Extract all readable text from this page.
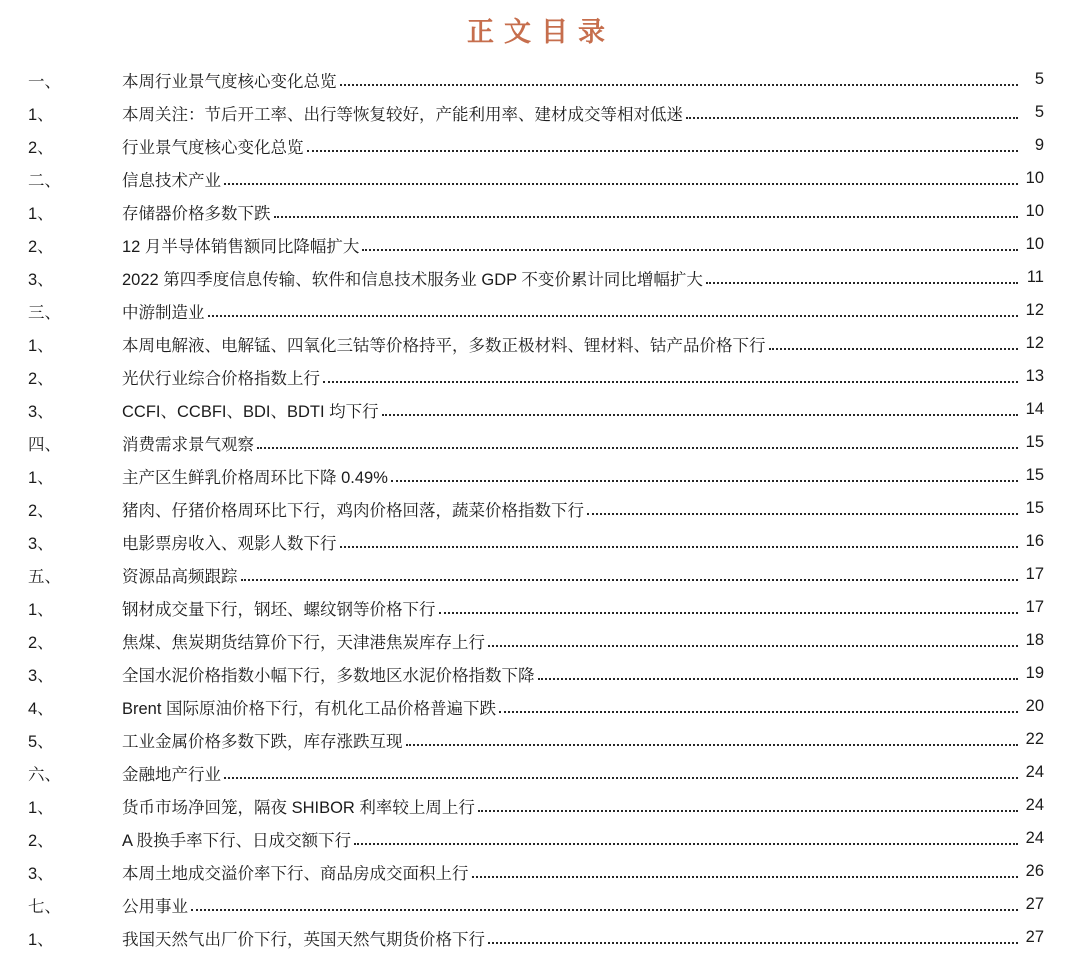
正文目录
一、	本周行业景气度核心变化总览	5
1、	本周关注：节后开工率、出行等恢复较好，产能利用率、建材成交等相对低迷	5
2、	行业景气度核心变化总览	9
二、	信息技术产业	10
1、	存储器价格多数下跌	10
2、	12 月半导体销售额同比降幅扩大	10
3、	2022 第四季度信息传输、软件和信息技术服务业 GDP 不变价累计同比增幅扩大	11
三、	中游制造业	12
1、	本周电解液、电解锰、四氧化三钴等价格持平，多数正极材料、锂材料、钴产品价格下行	12
2、	光伏行业综合价格指数上行	13
3、	CCFI、CCBFI、BDI、BDTI 均下行	14
四、	消费需求景气观察	15
1、	主产区生鲜乳价格周环比下降 0.49%	15
2、	猪肉、仔猪价格周环比下行，鸡肉价格回落，蔬菜价格指数下行	15
3、	电影票房收入、观影人数下行	16
五、	资源品高频跟踪	17
1、	钢材成交量下行，钢坯、螺纹钢等价格下行	17
2、	焦煤、焦炭期货结算价下行，天津港焦炭库存上行	18
3、	全国水泥价格指数小幅下行，多数地区水泥价格指数下降	19
4、	Brent 国际原油价格下行，有机化工品价格普遍下跌	20
5、	工业金属价格多数下跌，库存涨跌互现	22
六、	金融地产行业	24
1、	货币市场净回笼，隔夜 SHIBOR 利率较上周上行	24
2、	A 股换手率下行、日成交额下行	24
3、	本周土地成交溢价率下行、商品房成交面积上行	26
七、	公用事业	27
1、	我国天然气出厂价下行，英国天然气期货价格下行	27
